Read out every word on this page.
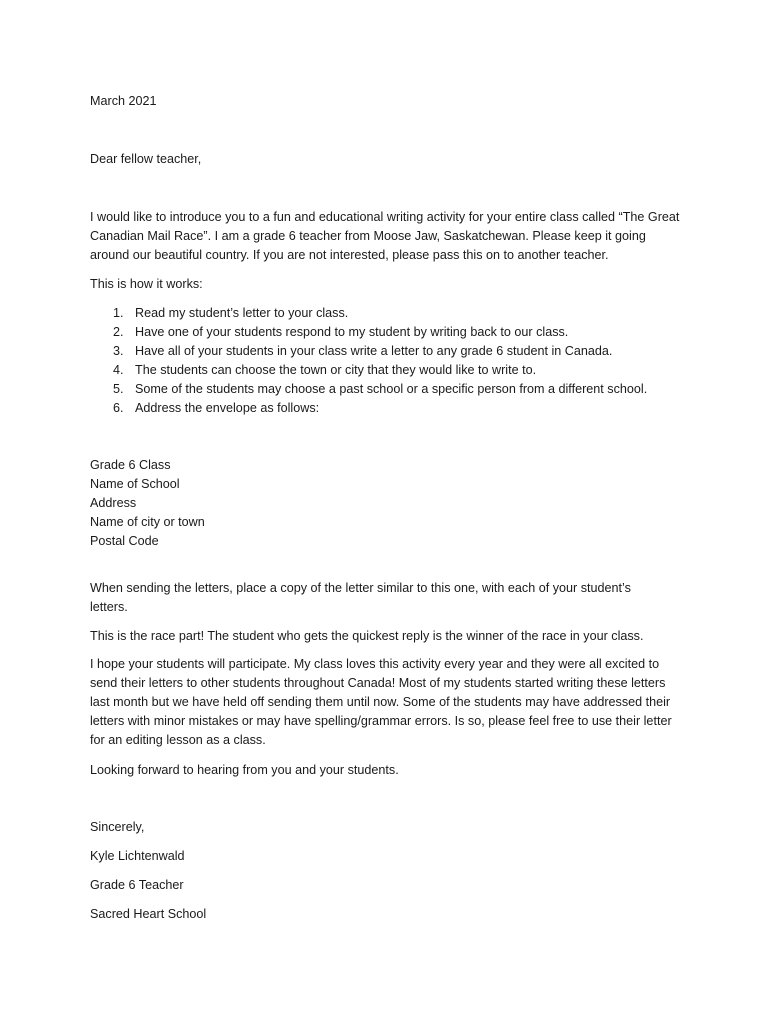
March 2021

Dear fellow teacher,

I would like to introduce you to a fun and educational writing activity for your entire class called “The Great Canadian Mail Race”. I am a grade 6 teacher from Moose Jaw, Saskatchewan. Please keep it going around our beautiful country. If you are not interested, please pass this on to another teacher.

This is how it works:

1. Read my student’s letter to your class.
2. Have one of your students respond to my student by writing back to our class.
3. Have all of your students in your class write a letter to any grade 6 student in Canada.
4. The students can choose the town or city that they would like to write to.
5. Some of the students may choose a past school or a specific person from a different school.
6. Address the envelope as follows:
Grade 6 Class
Name of School
Address
Name of city or town
Postal Code

When sending the letters, place a copy of the letter similar to this one, with each of your student’s letters.

This is the race part! The student who gets the quickest reply is the winner of the race in your class.

I hope your students will participate. My class loves this activity every year and they were all excited to send their letters to other students throughout Canada! Most of my students started writing these letters last month but we have held off sending them until now. Some of the students may have addressed their letters with minor mistakes or may have spelling/grammar errors. Is so, please feel free to use their letter for an editing lesson as a class.

Looking forward to hearing from you and your students.

Sincerely,

Kyle Lichtenwald

Grade 6 Teacher

Sacred Heart School
